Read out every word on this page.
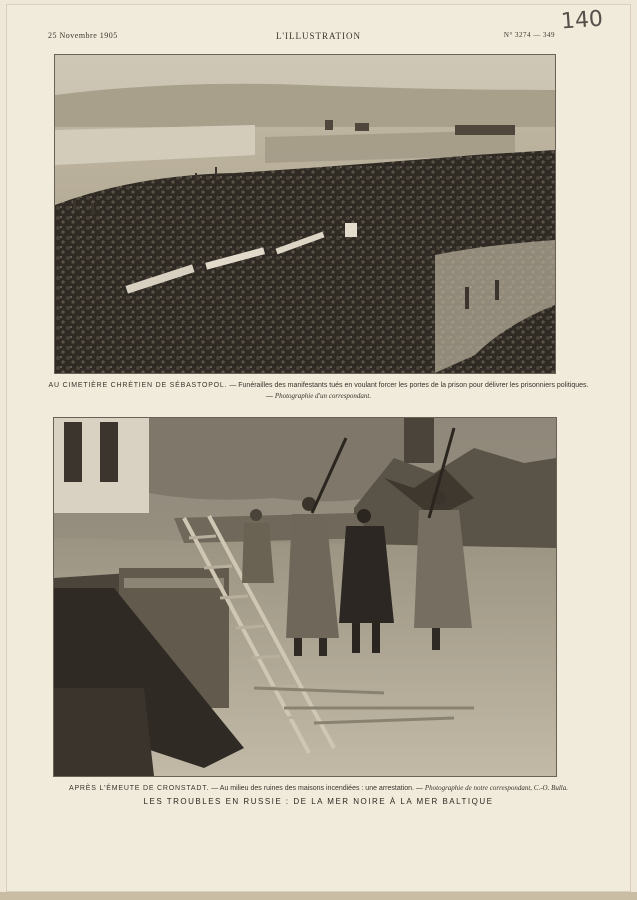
25 Novembre 1905	L'ILLUSTRATION	N° 3274 — 349
140
AU CIMETIÈRE CHRÉTIEN DE SÉBASTOPOL. — Funérailles des manifestants tués en voulant forcer les portes de la prison pour délivrer les prisonniers politiques. — Photographie d'un correspondant.
APRÈS L'ÉMEUTE DE CRONSTADT. — Au milieu des ruines des maisons incendiées : une arrestation. — Photographie de notre correspondant, C.-O. Bulla.
LES TROUBLES EN RUSSIE : DE LA MER NOIRE À LA MER BALTIQUE
